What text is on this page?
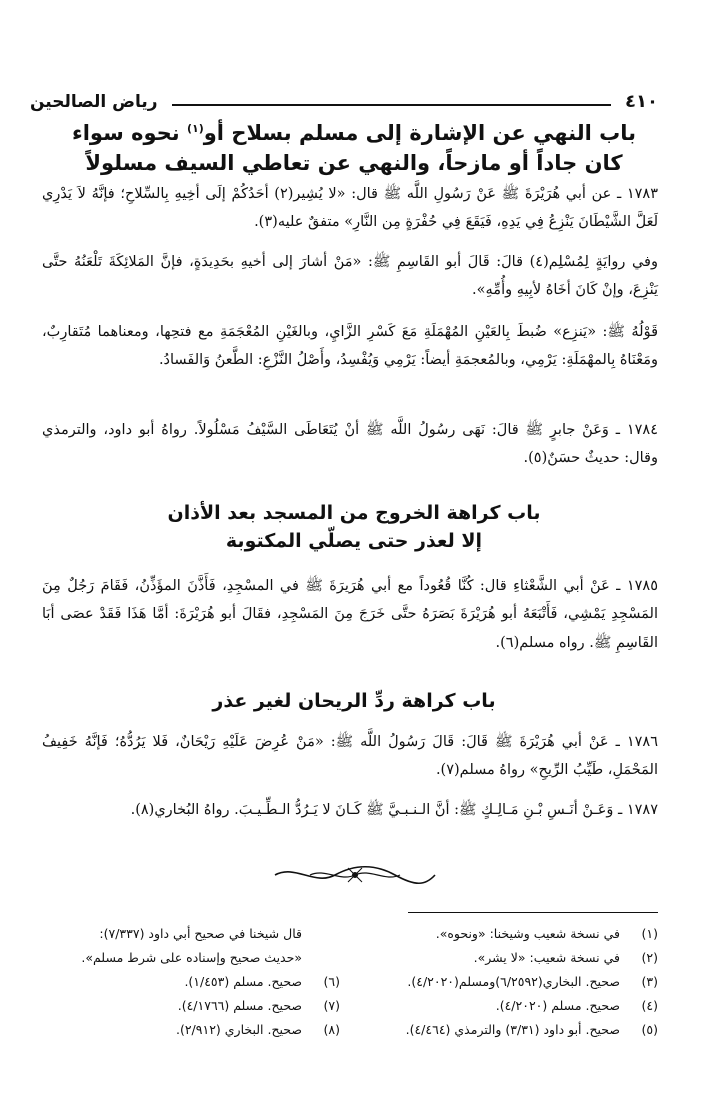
٤١٠
رياض الصالحين
باب النهي عن الإشارة إلى مسلم بسلاح أو$^{(١)}$ نحوه سواء
كان جاداً أو مازحاً، والنهي عن تعاطي السيف مسلولاً

١٧٨٣ ـ عن أبي هُرَيْرَةَ ﷺ عَنْ رَسُولِ اللَّه ﷺ قال: «لا يُشِير(٢) أحَدُكُمْ إلَى أخِيهِ بِالسِّلاحِ؛ فإنَّهُ لاَ يَدْرِي لَعَلَّ الشَّيْطَانَ يَنْزِعُ فِي يَدِهِ، فَيَقَعَ فِي حُفْرَةٍ مِن النَّارِ» متفقٌ عليه(٣).

وفي روايَةٍ لِمُسْلِم(٤) قالَ: قَالَ أبو القَاسِمِ ﷺ: «مَنْ أشارَ إلى أخيهِ بحَدِيدَةٍ، فإنَّ المَلائِكَةَ تَلْعَنُهُ حتَّى يَنْزِعَ، وإنْ كَانَ أخَاهُ لأبِيهِ وأُمِّهِ».

قَوْلُهُ ﷺ: «يَنزِع» ضُبطَ بِالعَيْنِ المُهْمَلَةِ مَعَ كَسْرِ الزَّايِ، وبالغَيْنِ المُعْجَمَةِ مع فتحِها، ومعناهما مُتَقارِبٌ، ومَعْنَاهُ بِالمهْمَلَةِ: يَرْمِي، وبالمُعجمَةِ أيضاً: يَرْمِي وَيُفْسِدُ، وأَصْلُ النَّزْعِ: الطَّعنُ وَالفَسادُ.

١٧٨٤ ـ وَعَنْ جابرٍ ﷺ قالَ: نَهَى رسُولُ اللَّه ﷺ أنْ يُتَعَاطَى السَّيْفُ مَسْلُولاً. رواهُ أبو داود، والترمذي وقال: حديثٌ حسَنٌ(٥).

باب كراهة الخروج من المسجد بعد الأذان
إلا لعذر حتى يصلّي المكتوبة

١٧٨٥ ـ عَنْ أبي الشَّعْثاءِ قال: كُنَّا قُعُوداً مع أبي هُرَيرَةَ ﷺ في المسْجِدِ، فَأَذَّنَ المؤَذِّنُ، فَقَامَ رَجُلٌ مِنَ المَسْجِدِ يَمْشِي، فَأَتْبَعَهُ أبو هُرَيْرَةَ بَصَرَهُ حتَّى خَرَجَ مِنَ المَسْجِدِ، فقَالَ أبو هُرَيْرَةَ: أمَّا هَذَا فَقَدْ عصَى أبَا القَاسِمِ ﷺ. رواه مسلم(٦).

باب كراهة ردِّ الريحان لغير عذر

١٧٨٦ ـ عَنْ أبي هُرَيْرَةَ ﷺ قَالَ: قَالَ رَسُولُ اللَّه ﷺ: «مَنْ عُرِضَ عَلَيْهِ رَيْحَانٌ، فَلا يَرُدُّهُ؛ فَإنَّهُ خَفِيفُ المَحْمَلِ، طَيِّبُ الرِّيحِ» رواهُ مسلم(٧).

١٧٨٧ ـ وَعَـنْ أنَـسِ بْـنِ مَـالِـكٍ ﷺ: أنَّ الـنـبـيَّ ﷺ كَـانَ لا يَـرُدُّ الـطِّـيـبَ. رواهُ البُخاري(٨).

(١)
في نسخة شعيب وشيخنا: «ونحوه».
(٢)
في نسخة شعيب: «لا يشر».
(٣)
صحيح. البخاري(٦/٢٥٩٢)ومسلم(٤/٢٠٢٠).
(٤)
صحيح. مسلم (٤/٢٠٢٠).
(٥)
صحيح. أبو داود (٣/٣١) والترمذي (٤/٤٦٤).
قال شيخنا في صحيح أبي داود (٧/٣٣٧):
«حديث صحيح وإسناده على شرط مسلم».
(٦)
صحيح. مسلم (١/٤٥٣).
(٧)
صحيح. مسلم (٤/١٧٦٦).
(٨)
صحيح. البخاري (٢/٩١٢).
